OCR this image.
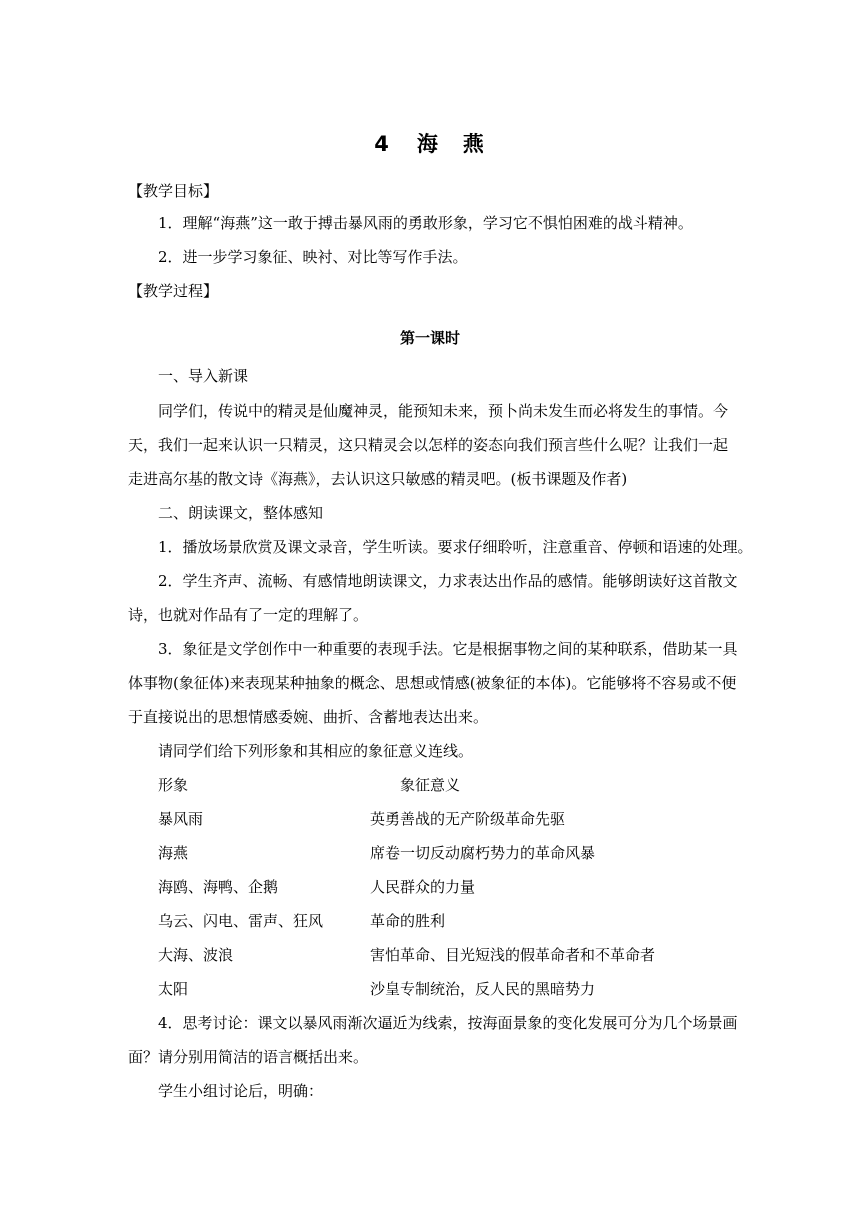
4 海　燕
【教学目标】
1．理解“海燕”这一敢于搏击暴风雨的勇敢形象，学习它不惧怕困难的战斗精神。
2．进一步学习象征、映衬、对比等写作手法。
【教学过程】
第一课时
一、导入新课
同学们，传说中的精灵是仙魔神灵，能预知未来，预卜尚未发生而必将发生的事情。今
天，我们一起来认识一只精灵，这只精灵会以怎样的姿态向我们预言些什么呢？让我们一起
走进高尔基的散文诗《海燕》，去认识这只敏感的精灵吧。(板书课题及作者)
二、朗读课文，整体感知
1．播放场景欣赏及课文录音，学生听读。要求仔细聆听，注意重音、停顿和语速的处理。
2．学生齐声、流畅、有感情地朗读课文，力求表达出作品的感情。能够朗读好这首散文
诗，也就对作品有了一定的理解了。
3．象征是文学创作中一种重要的表现手法。它是根据事物之间的某种联系，借助某一具
体事物(象征体)来表现某种抽象的概念、思想或情感(被象征的本体)。它能够将不容易或不便
于直接说出的思想情感委婉、曲折、含蓄地表达出来。
请同学们给下列形象和其相应的象征意义连线。
形象	象征意义
暴风雨	英勇善战的无产阶级革命先驱
海燕	席卷一切反动腐朽势力的革命风暴
海鸥、海鸭、企鹅	人民群众的力量
乌云、闪电、雷声、狂风	革命的胜利
大海、波浪	害怕革命、目光短浅的假革命者和不革命者
太阳	沙皇专制统治，反人民的黑暗势力
4．思考讨论：课文以暴风雨渐次逼近为线索，按海面景象的变化发展可分为几个场景画
面？请分别用简洁的语言概括出来。
学生小组讨论后，明确：
